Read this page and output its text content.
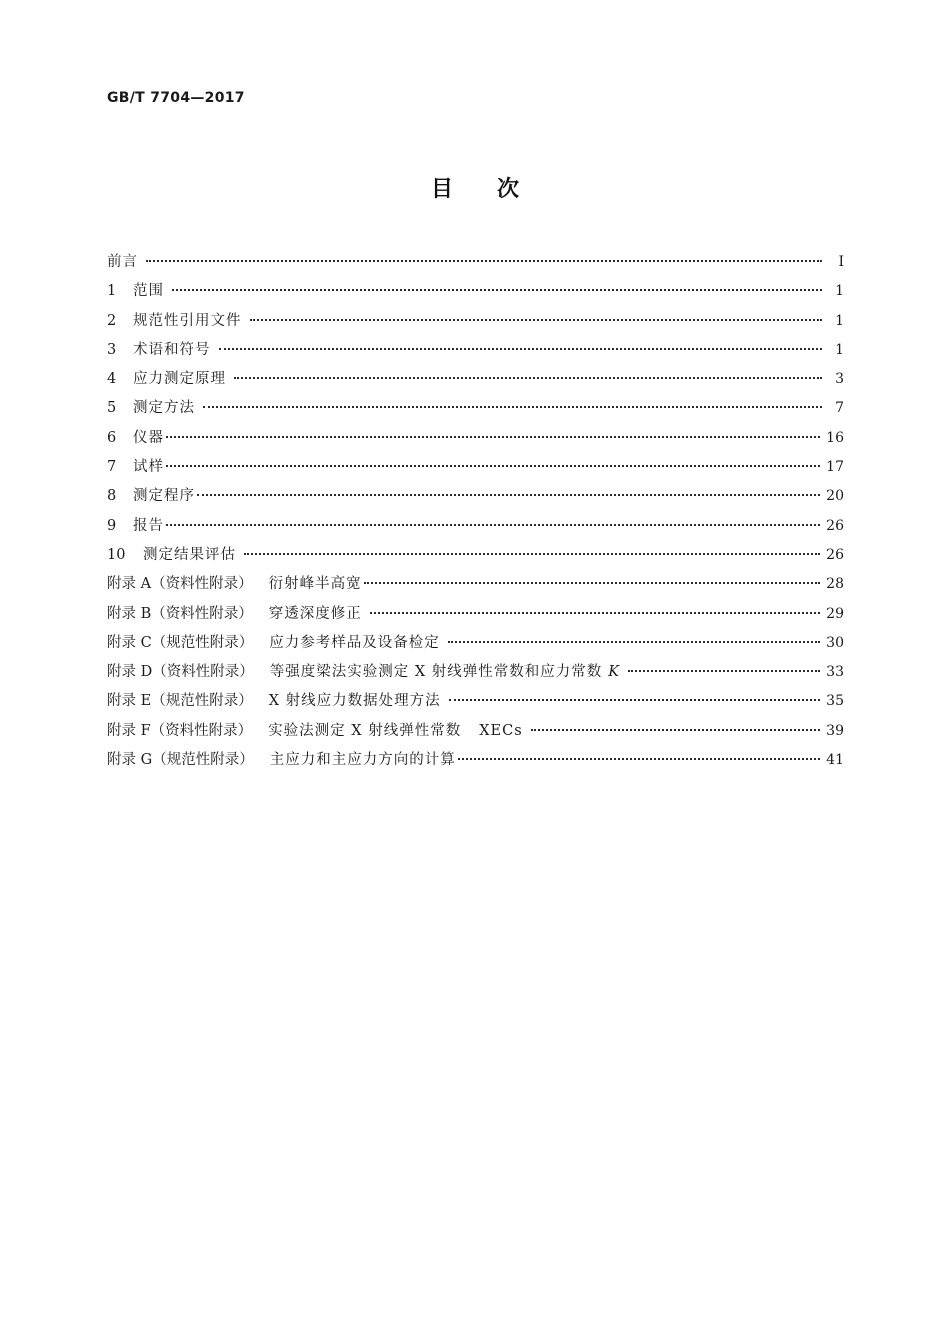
GB/T 7704—2017
目次
前言	Ⅰ
1	范围	1
2	规范性引用文件	1
3	术语和符号	1
4	应力测定原理	3
5	测定方法	7
6	仪器	16
7	试样	17
8	测定程序	20
9	报告	26
10	测定结果评估	26
附录 A（资料性附录） 衍射峰半高宽	28
附录 B（资料性附录） 穿透深度修正	29
附录 C（规范性附录） 应力参考样品及设备检定	30
附录 D（资料性附录） 等强度梁法实验测定 X 射线弹性常数和应力常数 K	33
附录 E（规范性附录） X 射线应力数据处理方法	35
附录 F（资料性附录） 实验法测定 X 射线弹性常数 XECs	39
附录 G（规范性附录） 主应力和主应力方向的计算	41
